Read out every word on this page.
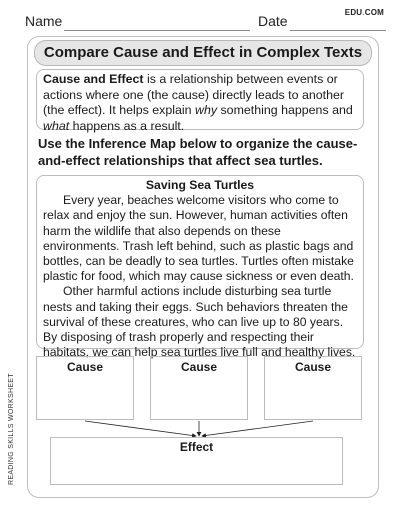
Name	Date
EDU.COM
Compare Cause and Effect in Complex Texts
Cause and Effect is a relationship between events or actions where one (the cause) directly leads to another (the effect). It helps explain why something happens and what happens as a result.
Use the Inference Map below to organize the cause-and-effect relationships that affect sea turtles.
Saving Sea Turtles

Every year, beaches welcome visitors who come to relax and enjoy the sun. However, human activities often harm the wildlife that also depends on these environments. Trash left behind, such as plastic bags and bottles, can be deadly to sea turtles. Turtles often mistake plastic for food, which may cause sickness or even death.

Other harmful actions include disturbing sea turtle nests and taking their eggs. Such behaviors threaten the survival of these creatures, who can live up to 80 years. By disposing of trash properly and respecting their habitats, we can help sea turtles live full and healthy lives.

Cause	Cause	Cause
Effect
READING SKILLS WORKSHEET
